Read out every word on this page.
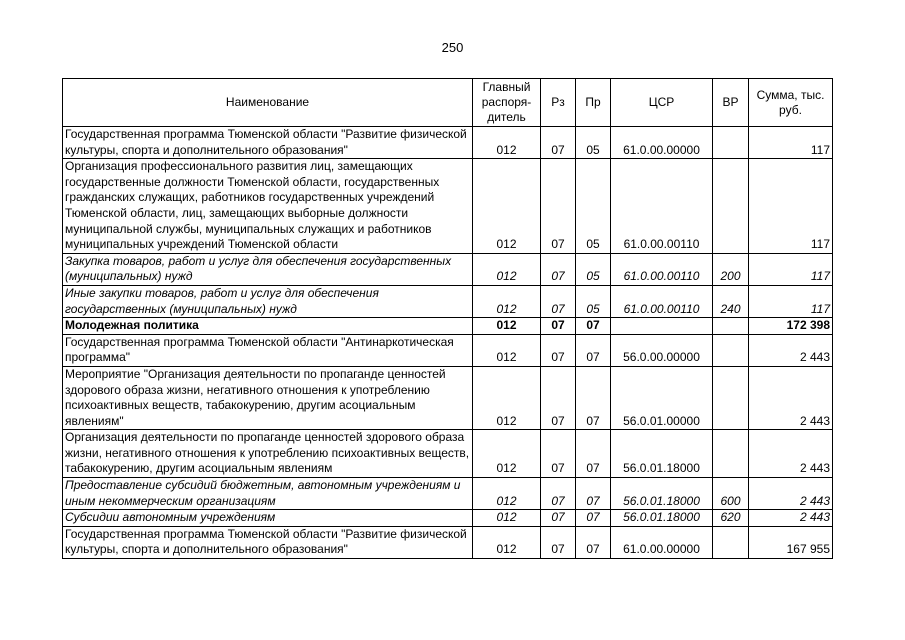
250
Наименование	Главный распоря-дитель	Рз	Пр	ЦСР	ВР	Сумма, тыс. руб.
Государственная программа Тюменской области "Развитие физической культуры, спорта и дополнительного образования"	012	07	05	61.0.00.00000		117
Организация профессионального развития лиц, замещающих государственные должности Тюменской области, государственных гражданских служащих, работников государственных учреждений Тюменской области, лиц, замещающих выборные должности муниципальной службы, муниципальных служащих и работников муниципальных учреждений Тюменской области	012	07	05	61.0.00.00110		117
Закупка товаров, работ и услуг для обеспечения государственных (муниципальных) нужд	012	07	05	61.0.00.00110	200	117
Иные закупки товаров, работ и услуг для обеспечения государственных (муниципальных) нужд	012	07	05	61.0.00.00110	240	117
Молодежная политика	012	07	07			172 398
Государственная программа Тюменской области "Антинаркотическая программа"	012	07	07	56.0.00.00000		2 443
Мероприятие "Организация деятельности по пропаганде ценностей здорового образа жизни, негативного отношения к употреблению психоактивных веществ, табакокурению, другим асоциальным явлениям"	012	07	07	56.0.01.00000		2 443
Организация деятельности по пропаганде ценностей здорового образа жизни, негативного отношения к употреблению психоактивных веществ, табакокурению, другим асоциальным явлениям	012	07	07	56.0.01.18000		2 443
Предоставление субсидий бюджетным, автономным учреждениям и иным некоммерческим организациям	012	07	07	56.0.01.18000	600	2 443
Субсидии автономным учреждениям	012	07	07	56.0.01.18000	620	2 443
Государственная программа Тюменской области "Развитие физической культуры, спорта и дополнительного образования"	012	07	07	61.0.00.00000		167 955
